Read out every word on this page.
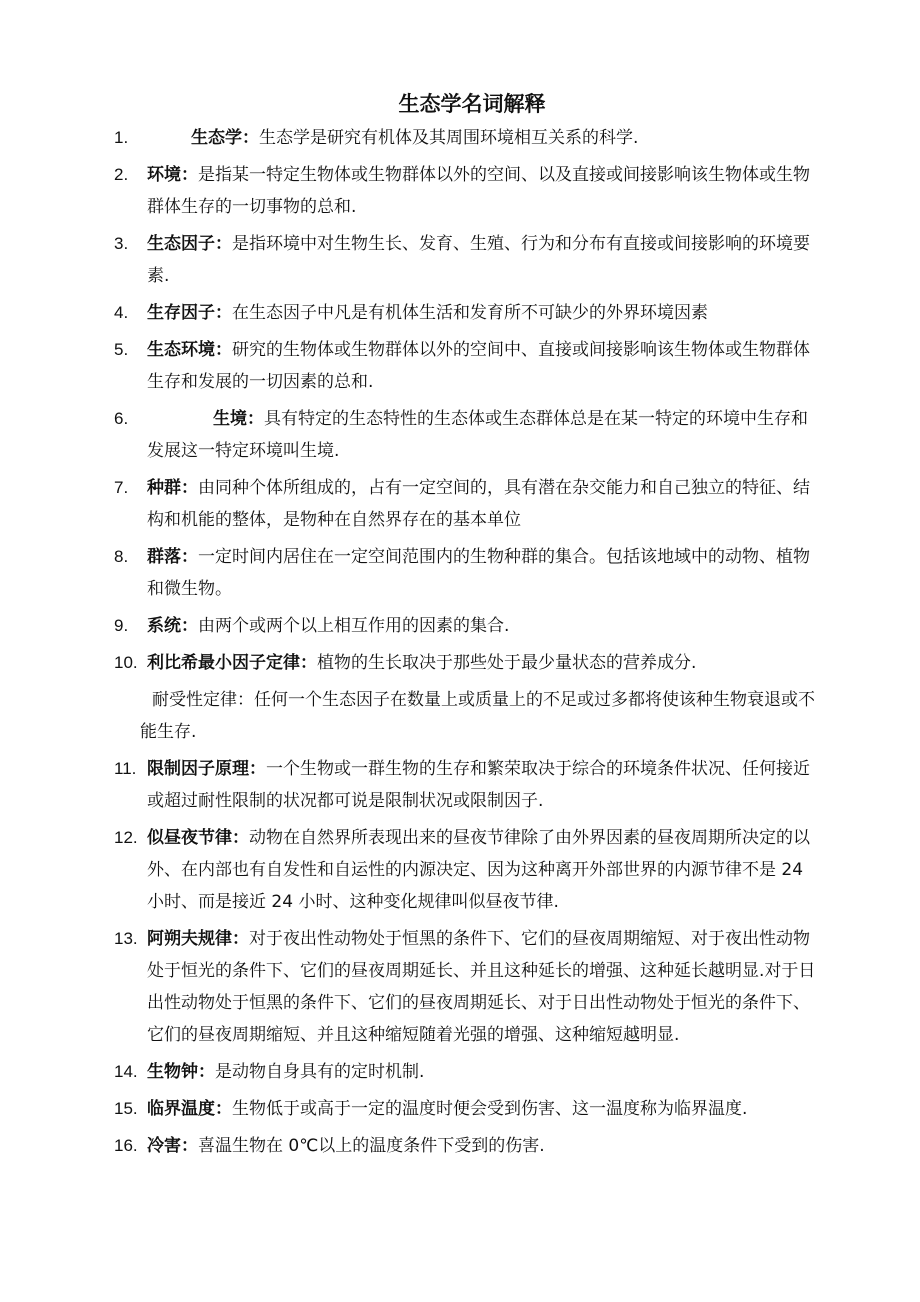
生态学名词解释
1.	生态学：生态学是研究有机体及其周围环境相互关系的科学.
2. 环境：是指某一特定生物体或生物群体以外的空间、以及直接或间接影响该生物体或生物群体生存的一切事物的总和.
3. 生态因子：是指环境中对生物生长、发育、生殖、行为和分布有直接或间接影响的环境要素.
4. 生存因子：在生态因子中凡是有机体生活和发育所不可缺少的外界环境因素
5. 生态环境：研究的生物体或生物群体以外的空间中、直接或间接影响该生物体或生物群体生存和发展的一切因素的总和.
6.	生境：具有特定的生态特性的生态体或生态群体总是在某一特定的环境中生存和发展这一特定环境叫生境.
7. 种群：由同种个体所组成的，占有一定空间的，具有潜在杂交能力和自己独立的特征、结构和机能的整体，是物种在自然界存在的基本单位
8. 群落：一定时间内居住在一定空间范围内的生物种群的集合。包括该地域中的动物、植物和微生物。
9. 系统：由两个或两个以上相互作用的因素的集合.
10. 利比希最小因子定律：植物的生长取决于那些处于最少量状态的营养成分.
耐受性定律：任何一个生态因子在数量上或质量上的不足或过多都将使该种生物衰退或不能生存.
11. 限制因子原理：一个生物或一群生物的生存和繁荣取决于综合的环境条件状况、任何接近或超过耐性限制的状况都可说是限制状况或限制因子.
12. 似昼夜节律：动物在自然界所表现出来的昼夜节律除了由外界因素的昼夜周期所决定的以外、在内部也有自发性和自运性的内源决定、因为这种离开外部世界的内源节律不是 24 小时、而是接近 24 小时、这种变化规律叫似昼夜节律.
13. 阿朔夫规律：对于夜出性动物处于恒黑的条件下、它们的昼夜周期缩短、对于夜出性动物处于恒光的条件下、它们的昼夜周期延长、并且这种延长的增强、这种延长越明显.对于日出性动物处于恒黑的条件下、它们的昼夜周期延长、对于日出性动物处于恒光的条件下、它们的昼夜周期缩短、并且这种缩短随着光强的增强、这种缩短越明显.
14. 生物钟：是动物自身具有的定时机制.
15. 临界温度：生物低于或高于一定的温度时便会受到伤害、这一温度称为临界温度.
16. 冷害：喜温生物在 0℃以上的温度条件下受到的伤害.
